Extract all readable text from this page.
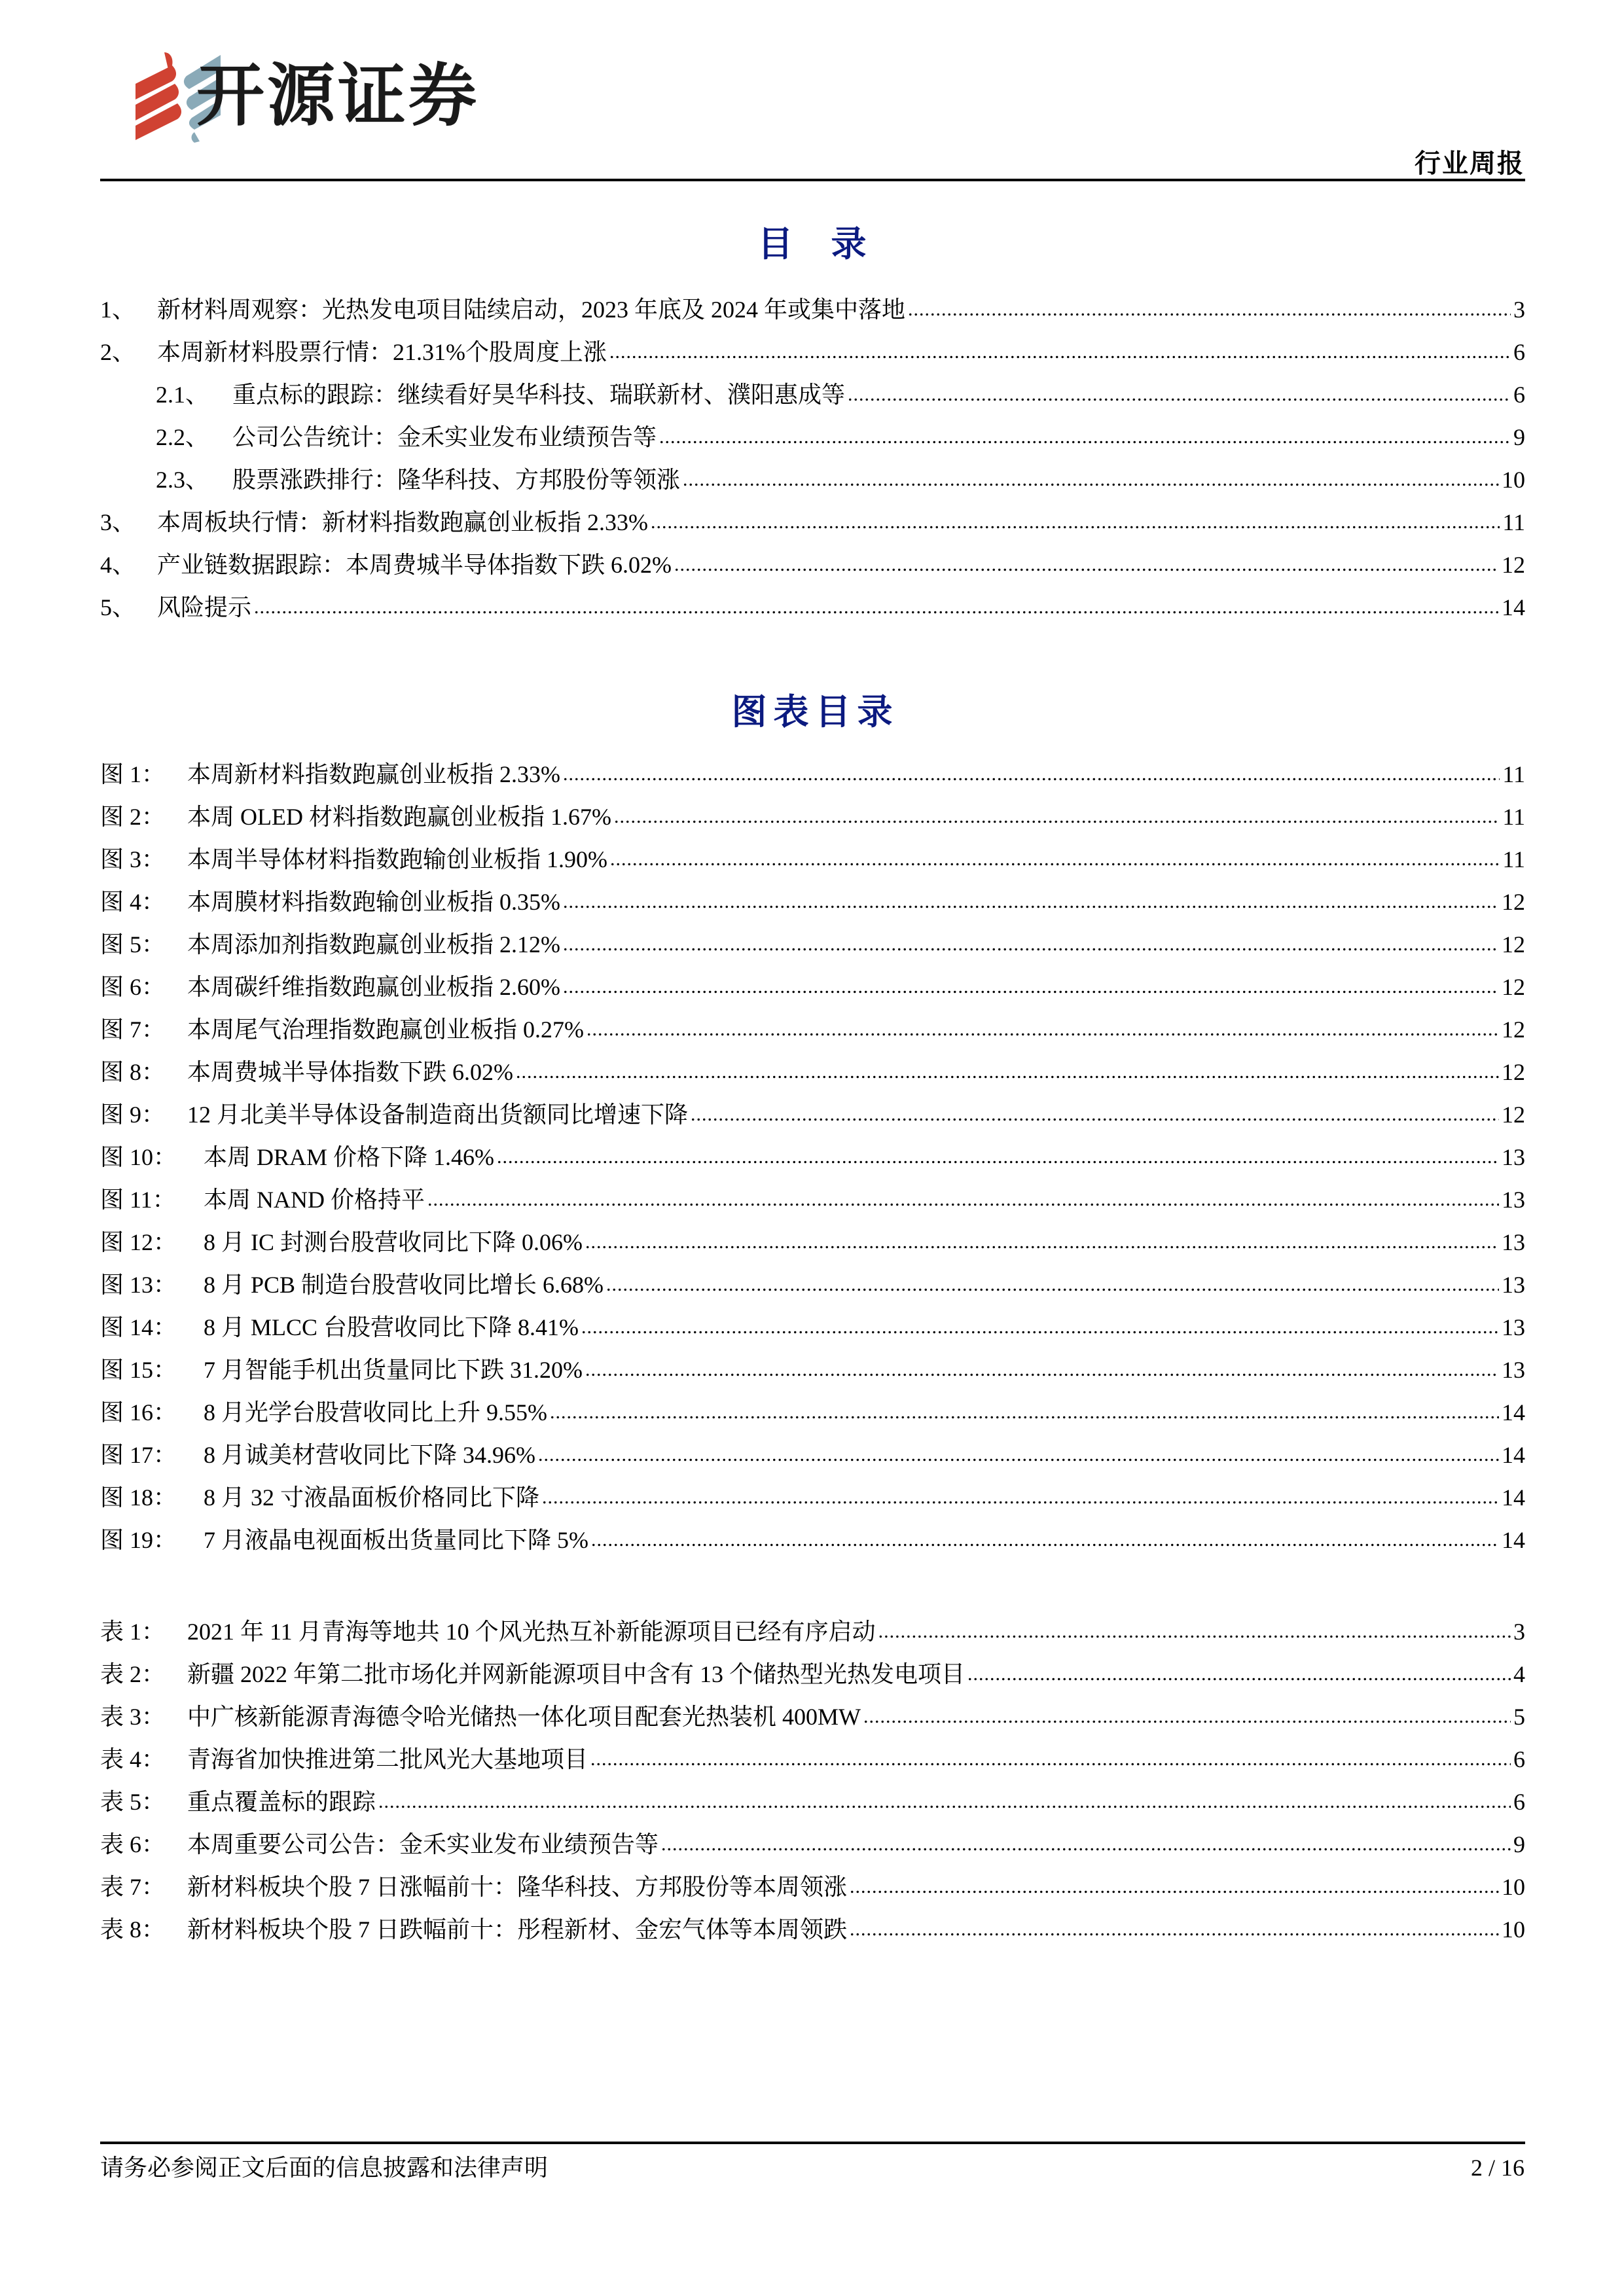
开源证券
行业周报
目录
1、 新材料周观察：光热发电项目陆续启动，2023 年底及 2024 年或集中落地 .....	3
2、 本周新材料股票行情：21.31%个股周度上涨 .....	6
2.1、 重点标的跟踪：继续看好昊华科技、瑞联新材、濮阳惠成等 .....	6
2.2、 公司公告统计：金禾实业发布业绩预告等 .....	9
2.3、 股票涨跌排行：隆华科技、方邦股份等领涨 .....	10
3、 本周板块行情：新材料指数跑赢创业板指 2.33% .....	11
4、 产业链数据跟踪：本周费城半导体指数下跌 6.02% .....	12
5、 风险提示 .....	14
图表目录
图 1： 本周新材料指数跑赢创业板指 2.33% .....	11
图 2： 本周 OLED 材料指数跑赢创业板指 1.67% .....	11
图 3： 本周半导体材料指数跑输创业板指 1.90% .....	11
图 4： 本周膜材料指数跑输创业板指 0.35% .....	12
图 5： 本周添加剂指数跑赢创业板指 2.12% .....	12
图 6： 本周碳纤维指数跑赢创业板指 2.60% .....	12
图 7： 本周尾气治理指数跑赢创业板指 0.27% .....	12
图 8： 本周费城半导体指数下跌 6.02% .....	12
图 9： 12 月北美半导体设备制造商出货额同比增速下降 .....	12
图 10：	本周 DRAM 价格下降 1.46% .....	13
图 11：	本周 NAND 价格持平 .....	13
图 12：	8 月 IC 封测台股营收同比下降 0.06% .....	13
图 13：	8 月 PCB 制造台股营收同比增长 6.68% .....	13
图 14：	8 月 MLCC 台股营收同比下降 8.41% .....	13
图 15：	7 月智能手机出货量同比下跌 31.20% .....	13
图 16：	8 月光学台股营收同比上升 9.55% .....	14
图 17：	8 月诚美材营收同比下降 34.96% .....	14
图 18：	8 月 32 寸液晶面板价格同比下降 .....	14
图 19：	7 月液晶电视面板出货量同比下降 5% .....	14
表 1： 2021 年 11 月青海等地共 10 个风光热互补新能源项目已经有序启动 .....	3
表 2： 新疆 2022 年第二批市场化并网新能源项目中含有 13 个储热型光热发电项目 .....	4
表 3： 中广核新能源青海德令哈光储热一体化项目配套光热装机 400MW .....	5
表 4： 青海省加快推进第二批风光大基地项目 .....	6
表 5： 重点覆盖标的跟踪 .....	6
表 6： 本周重要公司公告：金禾实业发布业绩预告等 .....	9
表 7： 新材料板块个股 7 日涨幅前十：隆华科技、方邦股份等本周领涨 .....	10
表 8： 新材料板块个股 7 日跌幅前十：彤程新材、金宏气体等本周领跌 .....	10
请务必参阅正文后面的信息披露和法律声明	2 / 16
